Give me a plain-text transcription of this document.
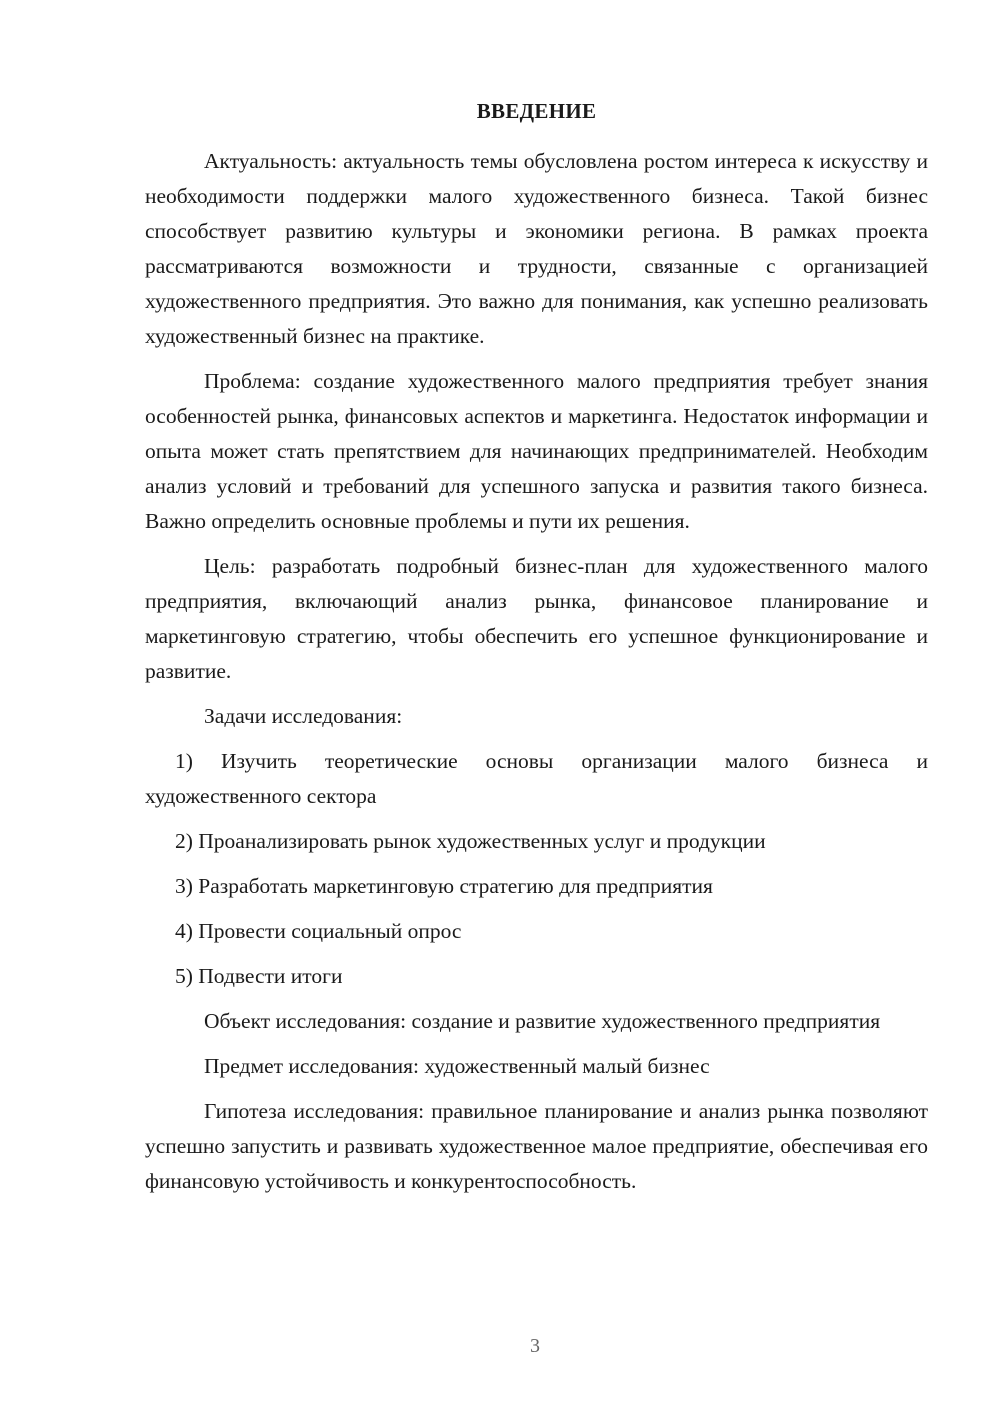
ВВЕДЕНИЕ

Актуальность: актуальность темы обусловлена ростом интереса к искусству и необходимости поддержки малого художественного бизнеса. Такой бизнес способствует развитию культуры и экономики региона. В рамках проекта рассматриваются возможности и трудности, связанные с организацией художественного предприятия. Это важно для понимания, как успешно реализовать художественный бизнес на практике.

Проблема: создание художественного малого предприятия требует знания особенностей рынка, финансовых аспектов и маркетинга. Недостаток информации и опыта может стать препятствием для начинающих предпринимателей. Необходим анализ условий и требований для успешного запуска и развития такого бизнеса. Важно определить основные проблемы и пути их решения.

Цель: разработать подробный бизнес-план для художественного малого предприятия, включающий анализ рынка, финансовое планирование и маркетинговую стратегию, чтобы обеспечить его успешное функционирование и развитие.

Задачи исследования:

1) Изучить теоретические основы организации малого бизнеса и художественного сектора

2) Проанализировать рынок художественных услуг и продукции

3) Разработать маркетинговую стратегию для предприятия

4) Провести социальный опрос

5) Подвести итоги

Объект исследования: создание и развитие художественного предприятия

Предмет исследования: художественный малый бизнес

Гипотеза исследования: правильное планирование и анализ рынка позволяют успешно запустить и развивать художественное малое предприятие, обеспечивая его финансовую устойчивость и конкурентоспособность.

3
